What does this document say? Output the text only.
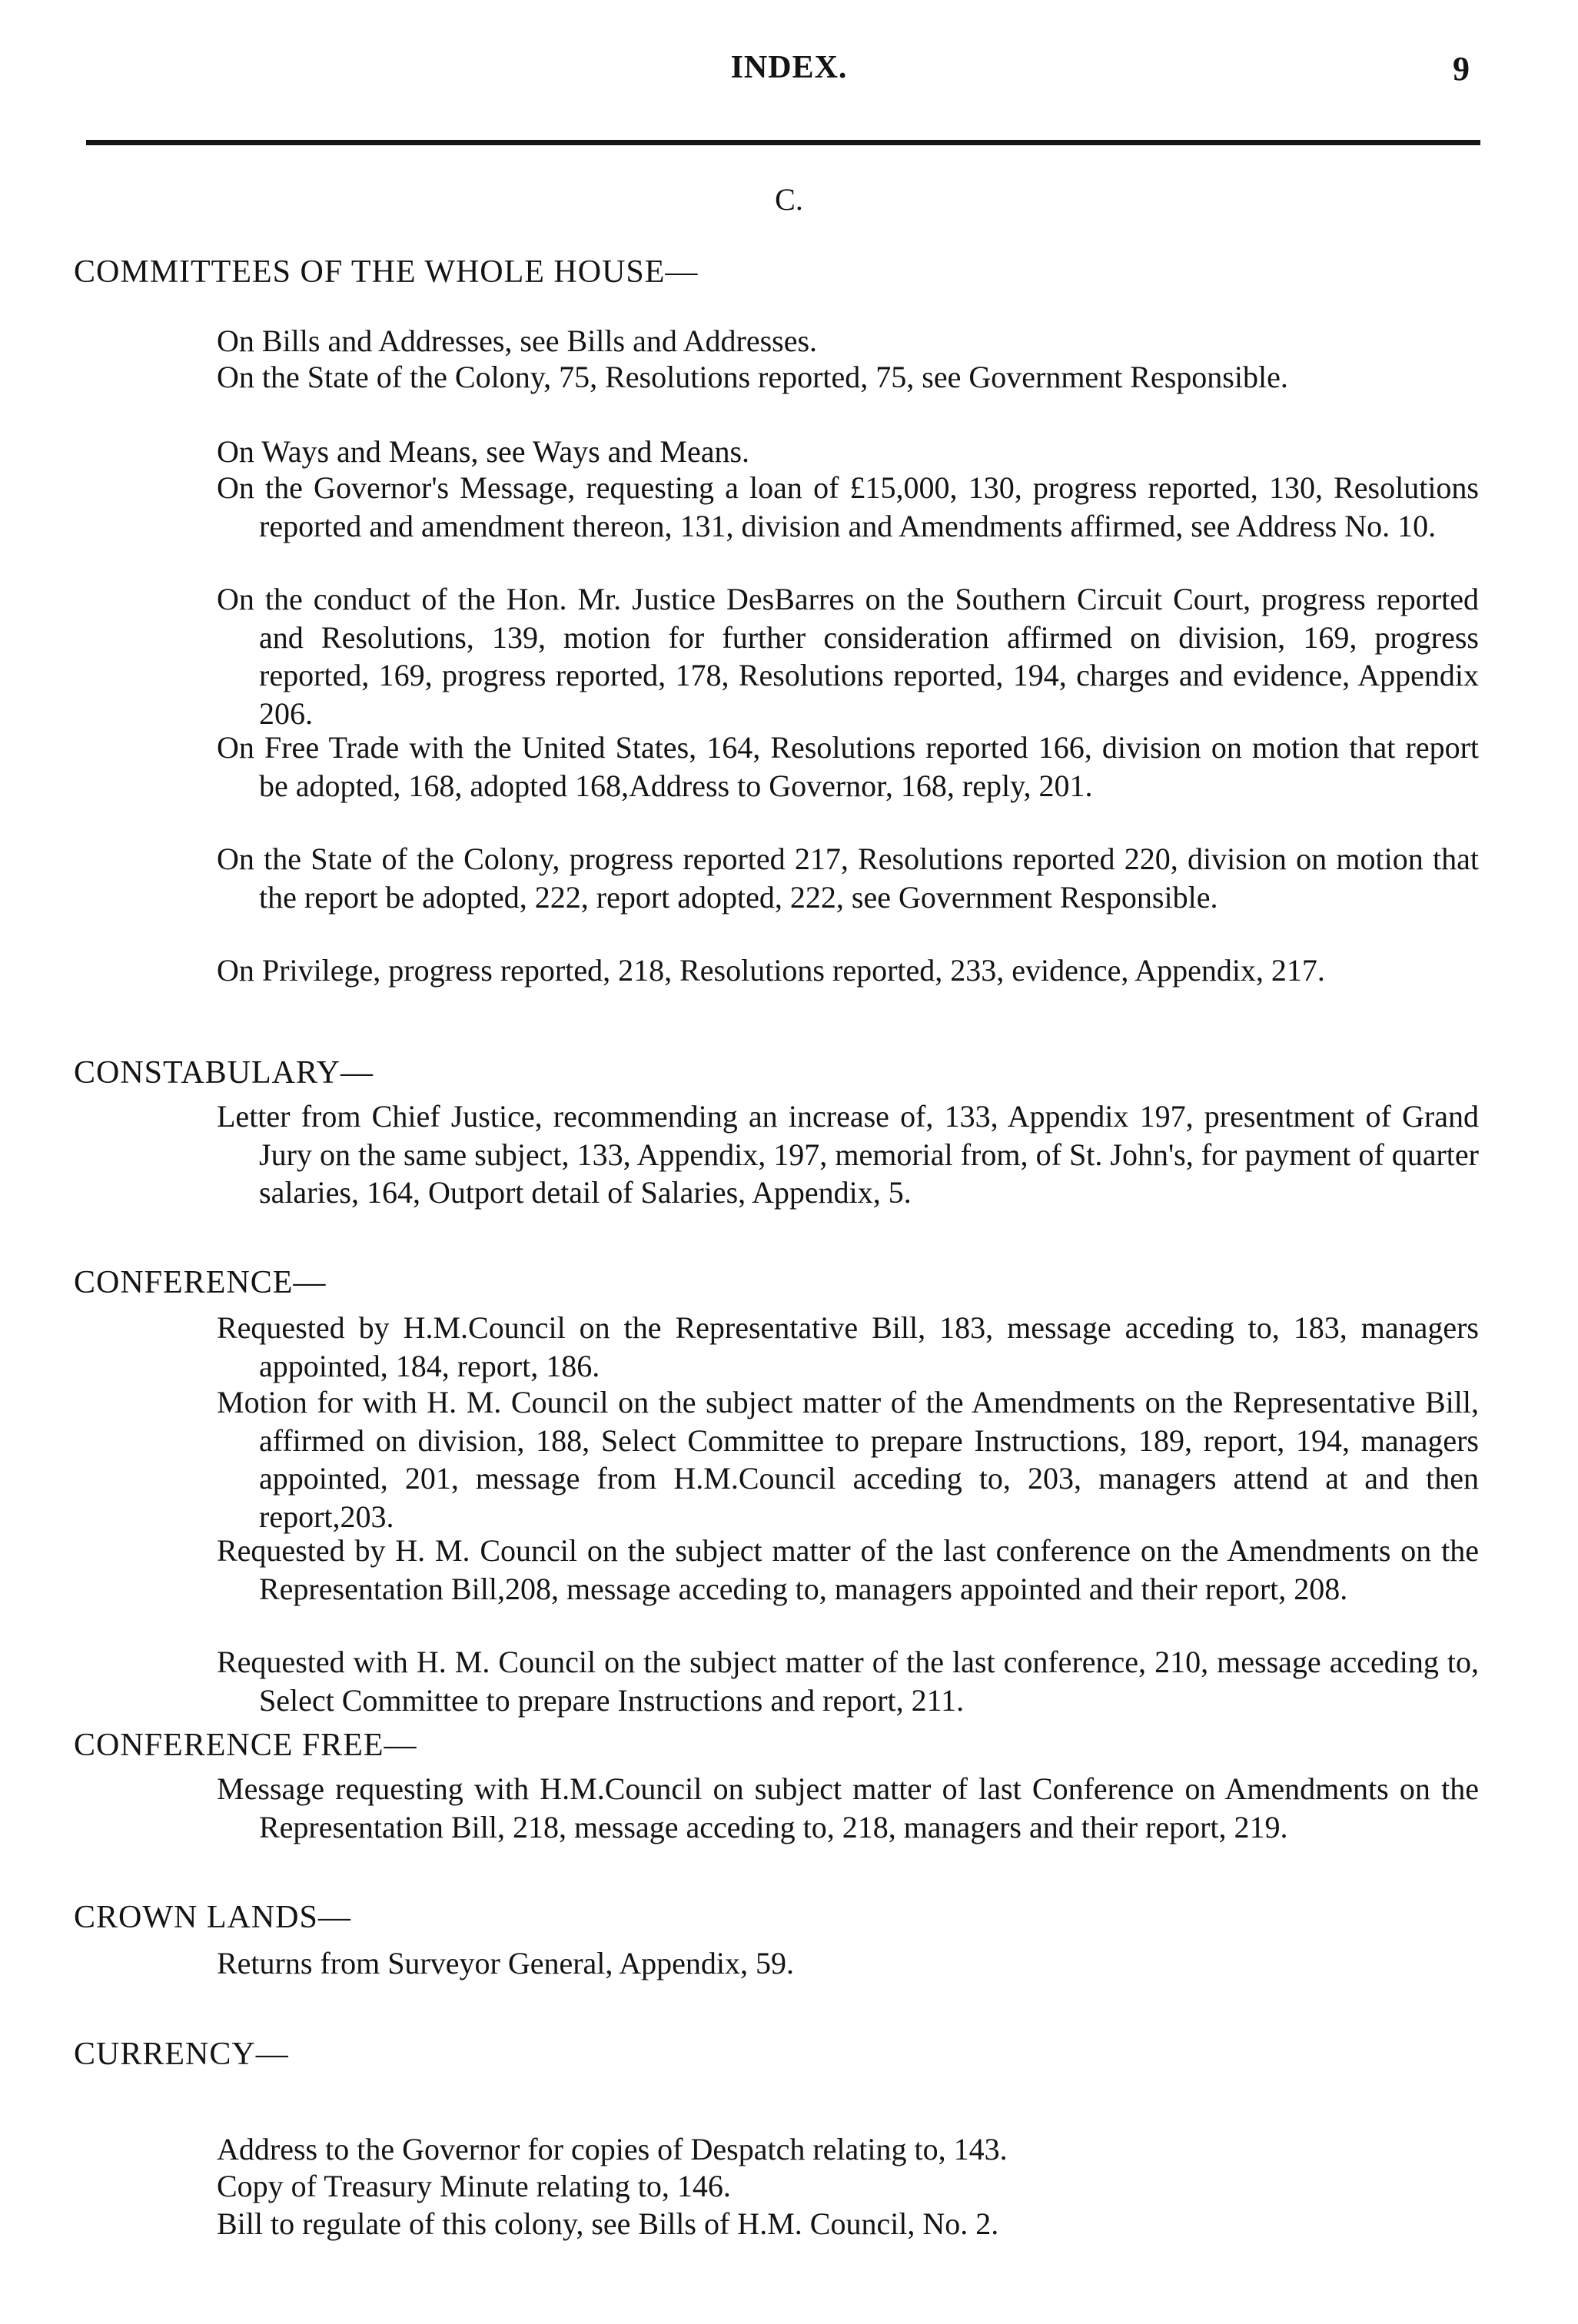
INDEX.	9
C.
COMMITTEES OF THE WHOLE HOUSE—
On Bills and Addresses, see Bills and Addresses.
On the State of the Colony, 75, Resolutions reported, 75, see Government Responsible.
On Ways and Means, see Ways and Means.
On the Governor's Message, requesting a loan of £15,000, 130, progress reported, 130, Resolutions reported and amendment thereon, 131, division and Amendments affirmed, see Address No. 10.
On the conduct of the Hon. Mr. Justice DesBarres on the Southern Circuit Court, progress reported and Resolutions, 139, motion for further consideration affirmed on division, 169, progress reported, 169, progress reported, 178, Resolutions reported, 194, charges and evidence, Appendix 206.
On Free Trade with the United States, 164, Resolutions reported 166, division on motion that report be adopted, 168, adopted 168,Address to Governor, 168, reply, 201.
On the State of the Colony, progress reported 217, Resolutions reported 220, division on motion that the report be adopted, 222, report adopted, 222, see Government Responsible.
On Privilege, progress reported, 218, Resolutions reported, 233, evidence, Appendix, 217.
CONSTABULARY—
Letter from Chief Justice, recommending an increase of, 133, Appendix 197, presentment of Grand Jury on the same subject, 133, Appendix, 197, memorial from, of St. John's, for payment of quarter salaries, 164, Outport detail of Salaries, Appendix, 5.
CONFERENCE—
Requested by H.M.Council on the Representative Bill, 183, message acceding to, 183, managers appointed, 184, report, 186.
Motion for with H. M. Council on the subject matter of the Amendments on the Representative Bill, affirmed on division, 188, Select Committee to prepare Instructions, 189, report, 194, managers appointed, 201, message from H.M.Council acceding to, 203, managers attend at and then report,203.
Requested by H. M. Council on the subject matter of the last conference on the Amendments on the Representation Bill,208, message acceding to, managers appointed and their report, 208.
Requested with H. M. Council on the subject matter of the last conference, 210, message acceding to, Select Committee to prepare Instructions and report, 211.
CONFERENCE FREE—
Message requesting with H.M.Council on subject matter of last Conference on Amendments on the Representation Bill, 218, message acceding to, 218, managers and their report, 219.
CROWN LANDS—
Returns from Surveyor General, Appendix, 59.
CURRENCY—
Address to the Governor for copies of Despatch relating to, 143.
Copy of Treasury Minute relating to, 146.
Bill to regulate of this colony, see Bills of H.M. Council, No. 2.
